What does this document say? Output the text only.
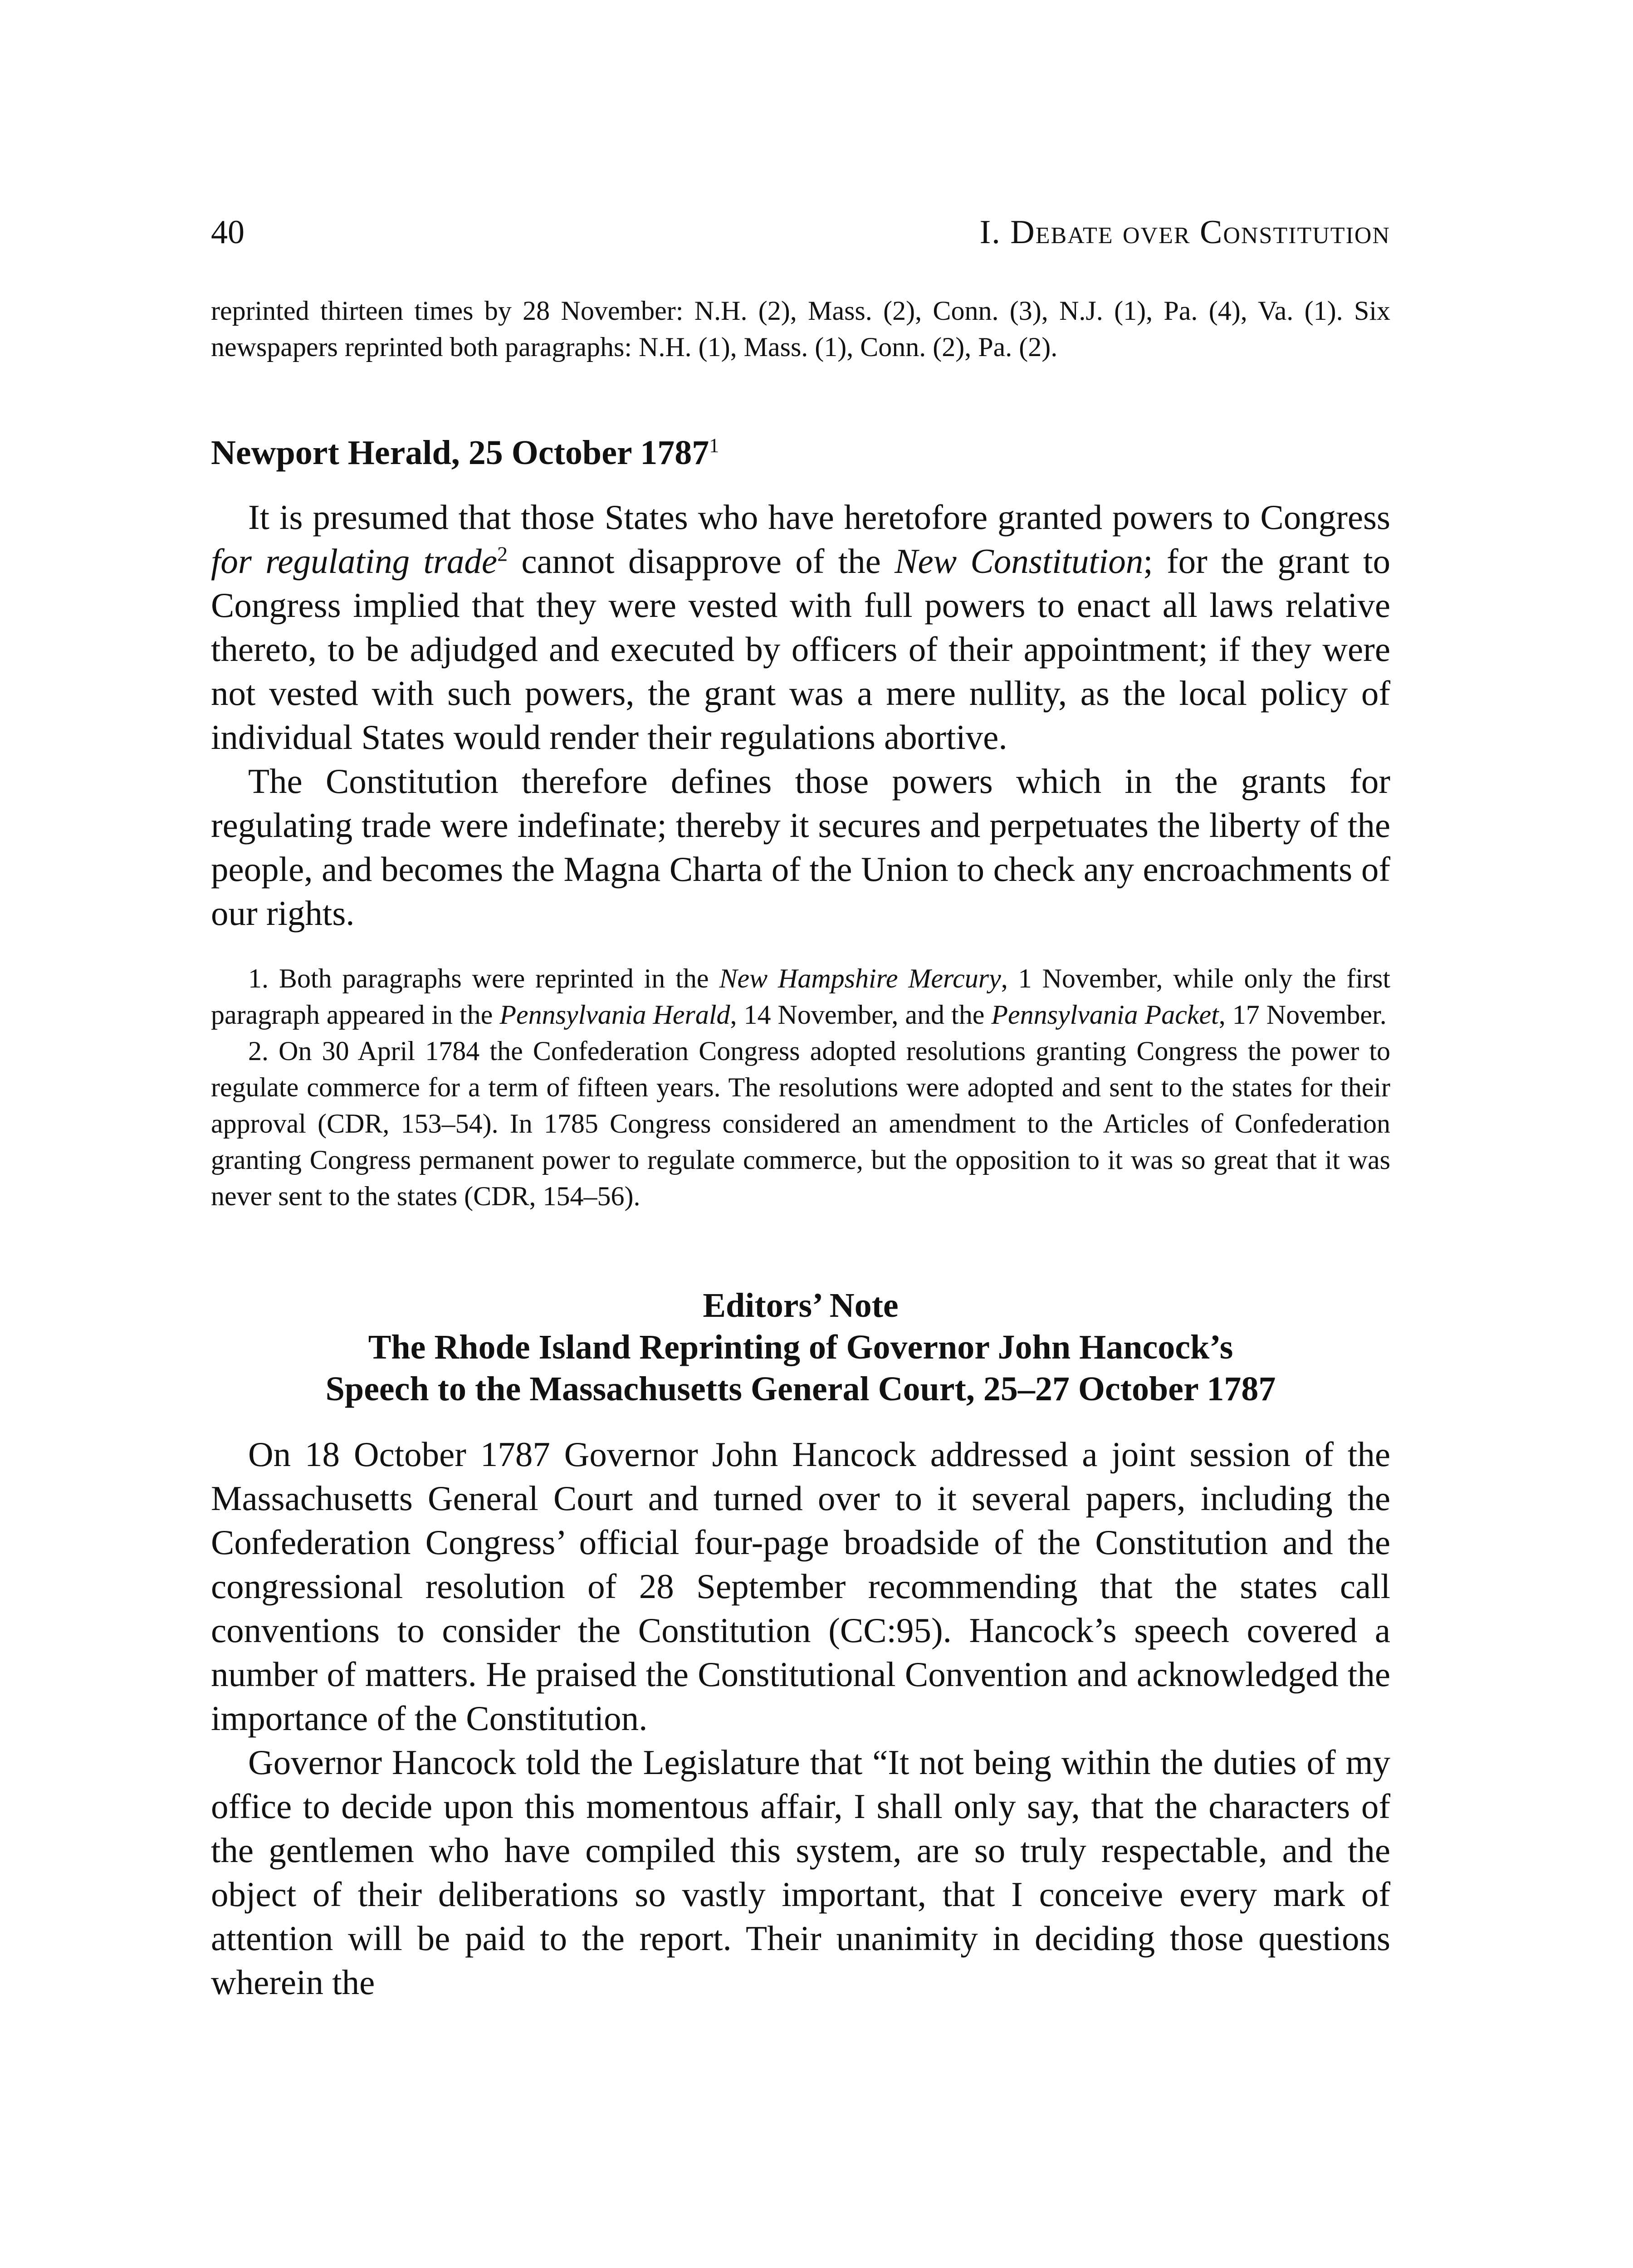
40	I. Debate over Constitution
reprinted thirteen times by 28 November: N.H. (2), Mass. (2), Conn. (3), N.J. (1), Pa. (4), Va. (1). Six newspapers reprinted both paragraphs: N.H. (1), Mass. (1), Conn. (2), Pa. (2).
Newport Herald, 25 October 1787$^1$

It is presumed that those States who have heretofore granted powers to Congress for regulating trade$^2$ cannot disapprove of the New Constitution; for the grant to Congress implied that they were vested with full powers to enact all laws relative thereto, to be adjudged and executed by officers of their appointment; if they were not vested with such powers, the grant was a mere nullity, as the local policy of individual States would render their regulations abortive.

The Constitution therefore defines those powers which in the grants for regulating trade were indefinate; thereby it secures and perpetuates the liberty of the people, and becomes the Magna Charta of the Union to check any encroachments of our rights.

1. Both paragraphs were reprinted in the New Hampshire Mercury, 1 November, while only the first paragraph appeared in the Pennsylvania Herald, 14 November, and the Pennsylvania Packet, 17 November.

2. On 30 April 1784 the Confederation Congress adopted resolutions granting Congress the power to regulate commerce for a term of fifteen years. The resolutions were adopted and sent to the states for their approval (CDR, 153–54). In 1785 Congress considered an amendment to the Articles of Confederation granting Congress permanent power to regulate commerce, but the opposition to it was so great that it was never sent to the states (CDR, 154–56).

Editors’ Note
The Rhode Island Reprinting of Governor John Hancock’s
Speech to the Massachusetts General Court, 25–27 October 1787

On 18 October 1787 Governor John Hancock addressed a joint session of the Massachusetts General Court and turned over to it several papers, including the Confederation Congress’ official four-page broadside of the Constitution and the congressional resolution of 28 September recommending that the states call conventions to consider the Constitution (CC:95). Hancock’s speech covered a number of matters. He praised the Constitutional Convention and acknowledged the importance of the Constitution.

Governor Hancock told the Legislature that “It not being within the duties of my office to decide upon this momentous affair, I shall only say, that the characters of the gentlemen who have compiled this system, are so truly respectable, and the object of their deliberations so vastly important, that I conceive every mark of attention will be paid to the report. Their unanimity in deciding those questions wherein the
